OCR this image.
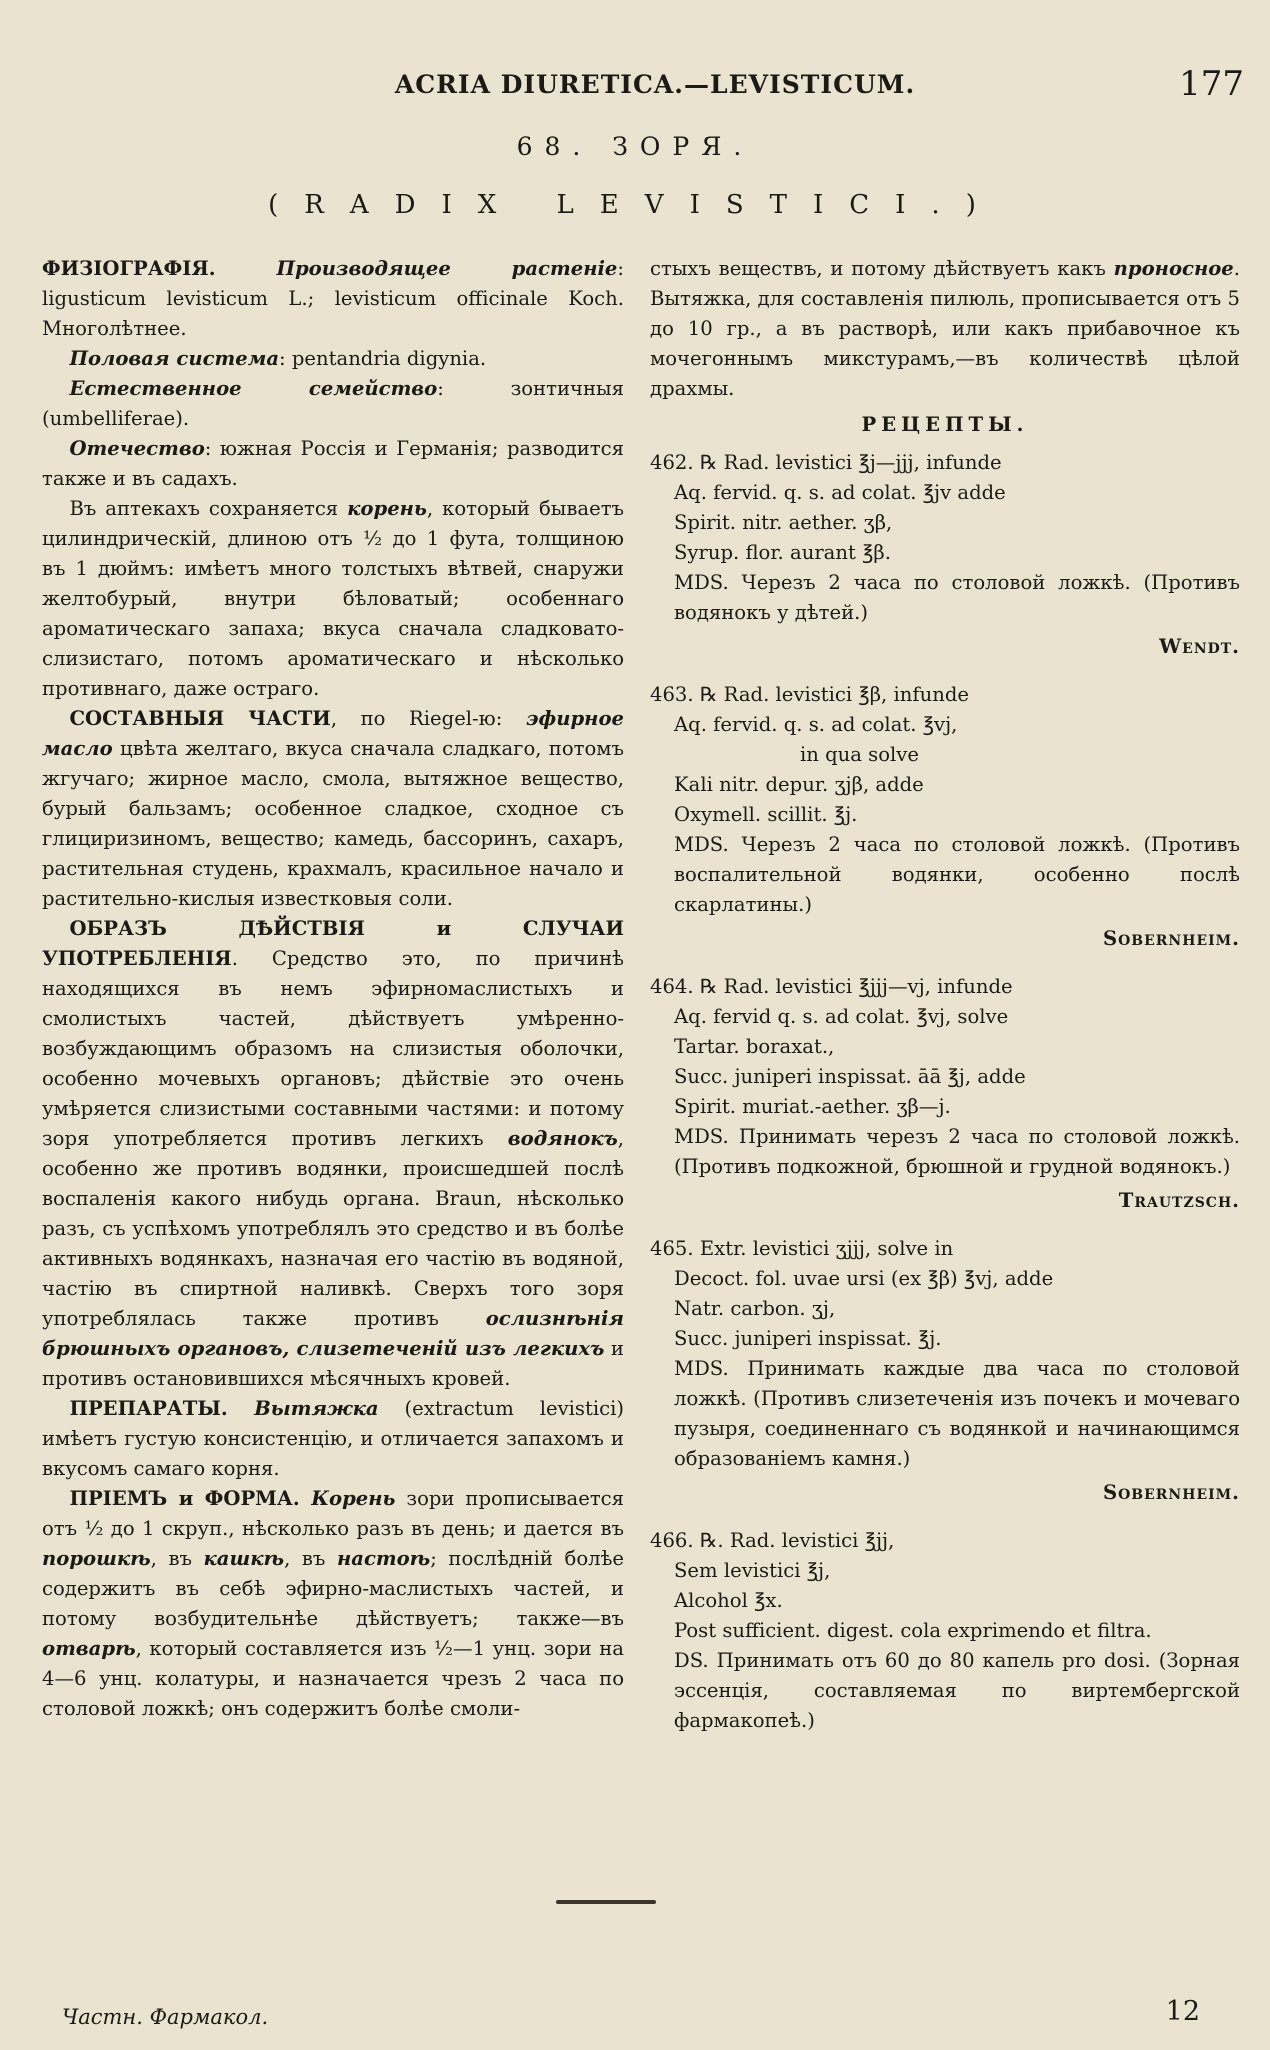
ACRIA DIURETICA.—LEVISTICUM.	177
68. ЗОРЯ.
(RADIX LEVISTICI.)

ФИЗІОГРАФІЯ. Производящее растеніе: ligusticum levisticum L.; levisticum officinale Koch. Многолѣтнее.

Половая система: pentandria digynia.

Естественное семейство: зонтичныя (umbelliferae).

Отечество: южная Россія и Германія; разводится также и въ садахъ.

Въ аптекахъ сохраняется корень, который бываетъ цилиндрическій, длиною отъ ½ до 1 фута, толщиною въ 1 дюймъ: имѣетъ много толстыхъ вѣтвей, снаружи желтобурый, внутри бѣловатый; особеннаго ароматическаго запаха; вкуса сначала сладковато-слизистаго, потомъ ароматическаго и нѣсколько противнаго, даже остраго.

СОСТАВНЫЯ ЧАСТИ, по Riegel-ю: эфирное масло цвѣта желтаго, вкуса сначала сладкаго, потомъ жгучаго; жирное масло, смола, вытяжное вещество, бурый бальзамъ; особенное сладкое, сходное съ глициризиномъ, вещество; камедь, бассоринъ, сахаръ, растительная студень, крахмалъ, красильное начало и растительно-кислыя известковыя соли.

ОБРАЗЪ ДѢЙСТВІЯ и СЛУЧАИ УПОТРЕБЛЕНІЯ. Средство это, по причинѣ находящихся въ немъ эфирномаслистыхъ и смолистыхъ частей, дѣйствуетъ умѣренно-возбуждающимъ образомъ на слизистыя оболочки, особенно мочевыхъ органовъ; дѣйствіе это очень умѣряется слизистыми составными частями: и потому зоря употребляется противъ легкихъ водянокъ, особенно же противъ водянки, происшедшей послѣ воспаленія какого нибудь органа. Braun, нѣсколько разъ, съ успѣхомъ употреблялъ это средство и въ болѣе активныхъ водянкахъ, назначая его частію въ водяной, частію въ спиртной наливкѣ. Сверхъ того зоря употреблялась также противъ ослизнѣнія брюшныхъ органовъ, слизетеченій изъ легкихъ и противъ остановившихся мѣсячныхъ кровей.

ПРЕПАРАТЫ. Вытяжка (extractum levistici) имѣетъ густую консистенцію, и отличается запахомъ и вкусомъ самаго корня.

ПРІЕМЪ и ФОРМА. Корень зори прописывается отъ ½ до 1 скруп., нѣсколько разъ въ день; и дается въ порошкѣ, въ кашкѣ, въ настоѣ; послѣдній болѣе содержитъ въ себѣ эфирно-маслистыхъ частей, и потому возбудительнѣе дѣйствуетъ; также—въ отварѣ, который составляется изъ ½—1 унц. зори на 4—6 унц. колатуры, и назначается чрезъ 2 часа по столовой ложкѣ; онъ содержитъ болѣе смоли-

стыхъ веществъ, и потому дѣйствуетъ какъ проносное. Вытяжка, для составленія пилюль, прописывается отъ 5 до 10 гр., а въ растворѣ, или какъ прибавочное къ мочегоннымъ микстурамъ,—въ количествѣ цѣлой драхмы.

РЕЦЕПТЫ.

462. ℞ Rad. levistici ℥j—jjj, infunde

Aq. fervid. q. s. ad colat. ℥jv adde

Spirit. nitr. aether. ʒβ,

Syrup. flor. aurant ℥β.

MDS. Черезъ 2 часа по столовой ложкѣ. (Противъ водянокъ у дѣтей.)

Wendt.

463. ℞ Rad. levistici ℥β, infunde

Aq. fervid. q. s. ad colat. ℥vj,

in qua solve

Kali nitr. depur. ʒjβ, adde

Oxymell. scillit. ℥j.

MDS. Черезъ 2 часа по столовой ложкѣ. (Противъ воспалительной водянки, особенно послѣ скарлатины.)

Sobernheim.

464. ℞ Rad. levistici ℥jjj—vj, infunde

Aq. fervid q. s. ad colat. ℥vj, solve

Tartar. boraxat.,

Succ. juniperi inspissat. āā ℥j, adde

Spirit. muriat.-aether. ʒβ—j.

MDS. Принимать черезъ 2 часа по столовой ложкѣ. (Противъ подкожной, брюшной и грудной водянокъ.)

Trautzsch.

465. Extr. levistici ʒjjj, solve in

Decoct. fol. uvae ursi (ex ℥β) ℥vj, adde

Natr. carbon. ʒj,

Succ. juniperi inspissat. ℥j.

MDS. Принимать каждые два часа по столовой ложкѣ. (Противъ слизетеченія изъ почекъ и мочеваго пузыря, соединеннаго съ водянкой и начинающимся образованіемъ камня.)

Sobernheim.

466. ℞. Rad. levistici ℥jj,

Sem levistici ℥j,

Alcohol ℥x.

Post sufficient. digest. cola exprimendo et filtra.

DS. Принимать отъ 60 до 80 капель pro dosi. (Зорная эссенція, составляемая по виртембергской фармакопеѣ.)

Частн. Фармакол.	12
